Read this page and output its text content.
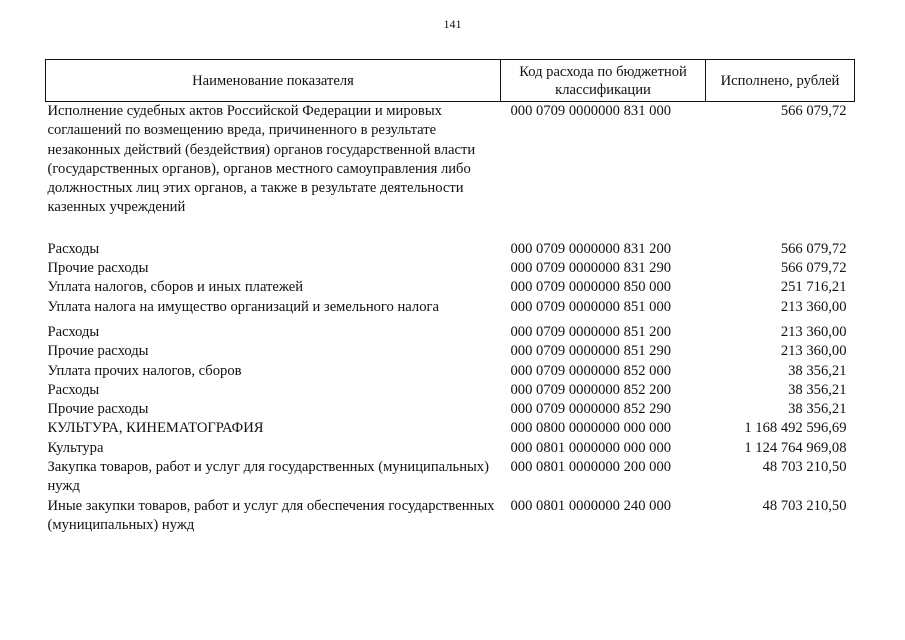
141
Наименование показателя	Код расхода по бюджетной классификации	Исполнено, рублей
Исполнение судебных актов Российской Федерации и мировых соглашений по возмещению вреда, причиненного в результате незаконных действий (бездействия) органов государственной власти (государственных органов), органов местного самоуправления либо должностных лиц этих органов, а также в результате деятельности казенных учреждений	000 0709 0000000 831 000	566 079,72
Расходы	000 0709 0000000 831 200	566 079,72
Прочие расходы	000 0709 0000000 831 290	566 079,72
Уплата налогов, сборов и иных платежей	000 0709 0000000 850 000	251 716,21
Уплата налога на имущество организаций и земельного налога	000 0709 0000000 851 000	213 360,00
Расходы	000 0709 0000000 851 200	213 360,00
Прочие расходы	000 0709 0000000 851 290	213 360,00
Уплата прочих налогов, сборов	000 0709 0000000 852 000	38 356,21
Расходы	000 0709 0000000 852 200	38 356,21
Прочие расходы	000 0709 0000000 852 290	38 356,21
КУЛЬТУРА, КИНЕМАТОГРАФИЯ	000 0800 0000000 000 000	1 168 492 596,69
Культура	000 0801 0000000 000 000	1 124 764 969,08
Закупка товаров, работ и услуг для государственных (муниципальных) нужд	000 0801 0000000 200 000	48 703 210,50
Иные закупки товаров, работ и услуг для обеспечения государственных (муниципальных) нужд	000 0801 0000000 240 000	48 703 210,50
